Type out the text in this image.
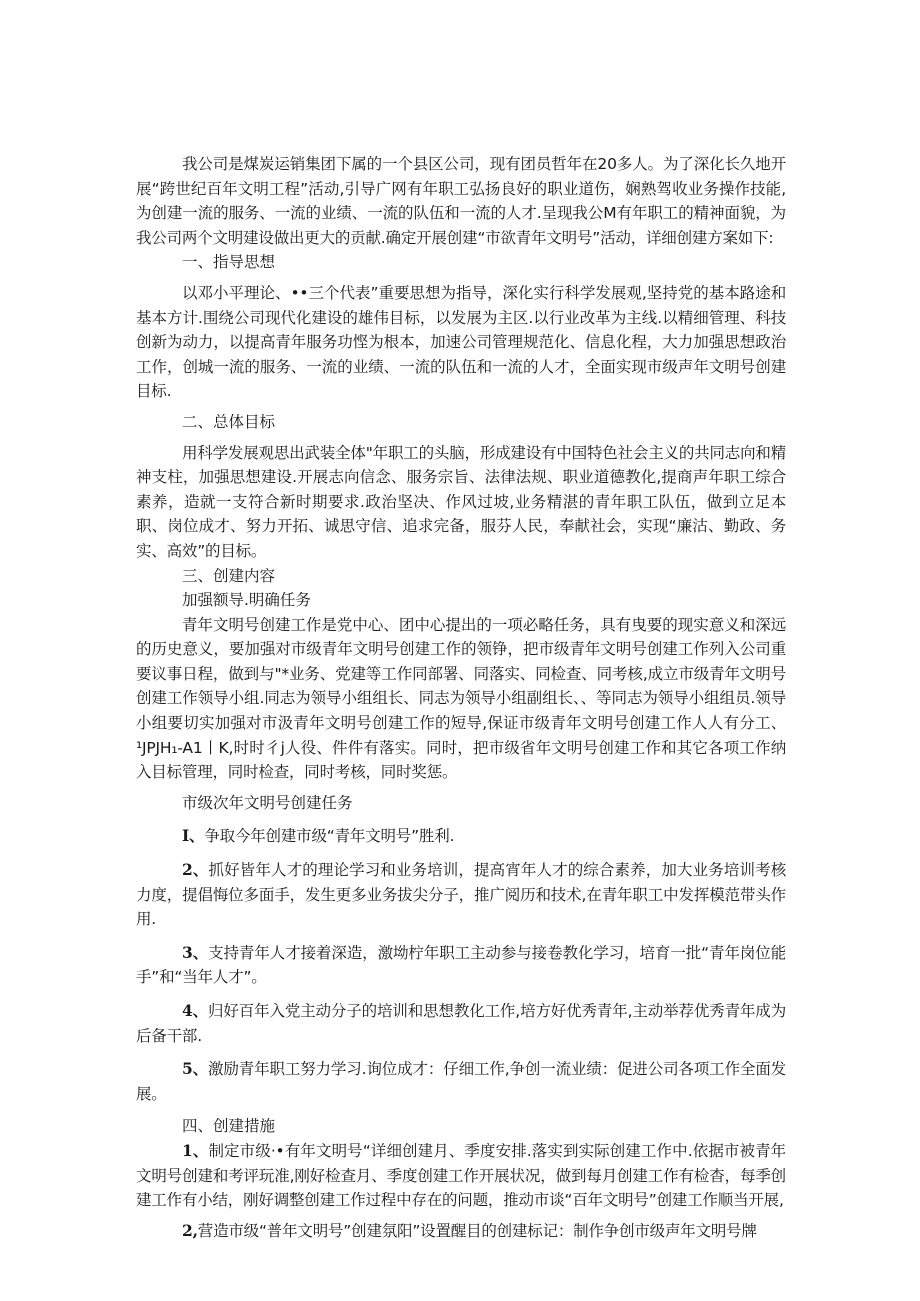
我公司是煤炭运销集团下属的一个县区公司，现有团员哲年在20多人。为了深化长久地开展“跨世纪百年文明工程”活动,引导广网有年职工弘扬良好的职业道伤，娴熟驾收业务操作技能,为创建一流的服务、一流的业绩、一流的队伍和一流的人才.呈现我公M有年职工的精神面貌，为我公司两个文明建设做出更大的贡献.确定开展创建“市欲青年文明号”活动，详细创建方案如下:

一、指导思想

以邓小平理论、••三个代表”重要思想为指导，深化实行科学发展观,坚持党的基本路途和基本方计.围绕公司现代化建设的雄伟目标，以发展为主区.以行业改革为主线.以精细管理、科技创新为动力，以提高青年服务功悭为根本，加速公司管理规范化、信息化程，大力加强思想政治工作，创城一流的服务、一流的业绩、一流的队伍和一流的人才，全面实现市级声年文明号创建目标.

二、总体目标

用科学发展观思出武装全体"年职工的头脑，形成建设有中国特色社会主义的共同志向和精神支柱，加强思想建设.开展志向信念、服务宗旨、法律法规、职业道德教化,提商声年职工综合素养，造就一支符合新时期要求.政治坚决、作风过坡,业务精湛的青年职工队伍，做到立足本职、岗位成才、努力开拓、诚思守信、追求完备，服芬人民，奉献社会，实现“廉沽、勤政、务实、高效”的目标。

三、创建内容

加强额导.明确任务

青年文明号创建工作是党中心、团中心提出的一项必略任务，具有曳要的现实意义和深远的历史意义，要加强对市级青年文明号创建工作的领铮，把市级青年文明号创建工作列入公司重要议事日程，做到与"*业务、党建等工作同部署、同落实、同检查、同考核,成立市级青年文明号创建工作领导小组.同志为领导小组组长、同志为领导小组副组长、、等同志为领导小组组员.领导小组要切实加强对市汲青年文明号创建工作的短导,保证市级青年文明号创建工作人人有分工、¹JPJH₁-A1丨K,时时彳j人役、件件有落实。同时，把市级省年文明号创建工作和其它各项工作纳入目标管理，同时检查，同时考核，同时奖惩。

市级次年文明号创建任务

I、争取今年创建市级“青年文明号”胜利.

2、抓好皆年人才的理论学习和业务培训，提高宵年人才的综合素养，加大业务培训考核力度，提倡悔位多面手，发生更多业务拔尖分子，推广阅历和技术,在青年职工中发挥模范带头作用.

3、支持青年人才接着深造，激坳柠年职工主动参与接卷教化学习，培育一批“青年岗位能手”和“当年人才”。

4、归好百年入党主动分子的培训和思想教化工作,培方好优秀青年,主动举荐优秀青年成为后备干部.

5、激励青年职工努力学习.询位成才：仔细工作,争创一流业绩：促进公司各项工作全面发展。

四、创建措施

1、制定市级·•有年文明号“详细创建月、季度安排.落实到实际创建工作中.依据市被青年文明号创建和考评玩准,刚好检查月、季度创建工作开展状况，做到每月创建工作有检杳，每季创建工作有小结，刚好调整创建工作过程中存在的问题，推动市谈“百年文明号”创建工作顺当开展,

2,营造市级“普年文明号”创建氛阳”设置醒目的创建标记：制作争创市级声年文明号牌
